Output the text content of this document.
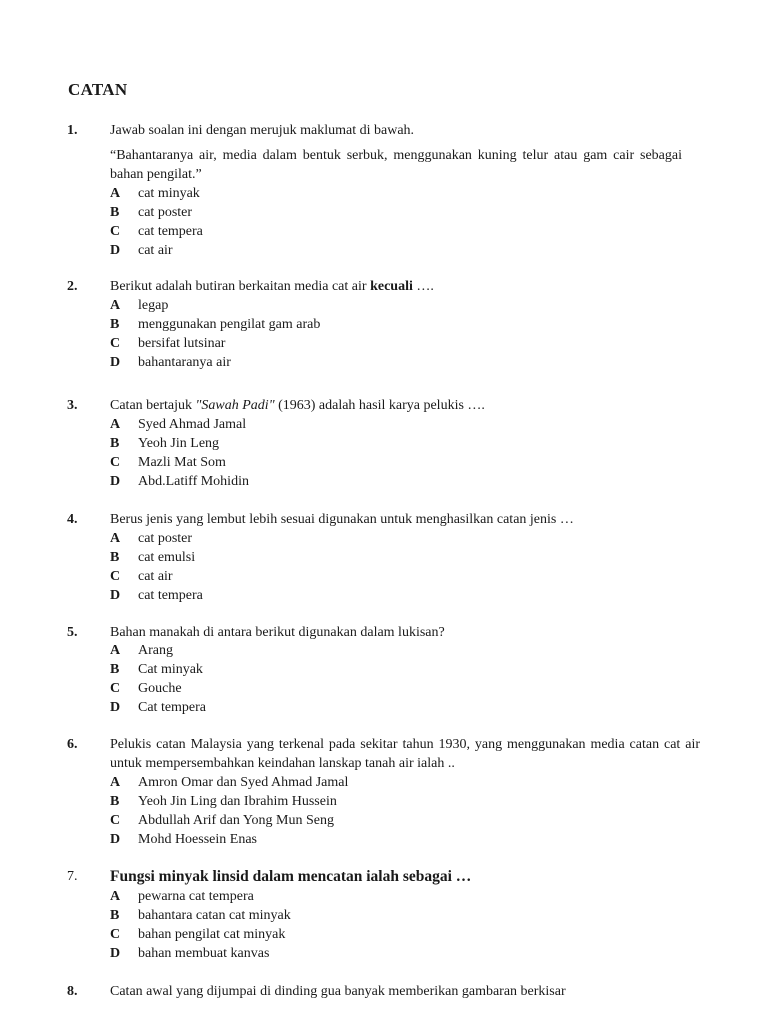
CATAN
1. Jawab soalan ini dengan merujuk maklumat di bawah.
“Bahantaranya air, media dalam bentuk serbuk, menggunakan kuning telur atau gam cair sebagai bahan pengilat.”
A cat minyak
B cat poster
C cat tempera
D cat air
2. Berikut adalah butiran berkaitan media cat air kecuali ….
A legap
B menggunakan pengilat gam arab
C bersifat lutsinar
D bahantaranya air
3. Catan bertajuk "Sawah Padi" (1963) adalah hasil karya pelukis ….
A Syed Ahmad Jamal
B Yeoh Jin Leng
C Mazli Mat Som
D Abd.Latiff Mohidin
4. Berus jenis yang lembut lebih sesuai digunakan untuk menghasilkan catan jenis …
A cat poster
B cat emulsi
C cat air
D cat tempera
5. Bahan manakah di antara berikut digunakan dalam lukisan?
A Arang
B Cat minyak
C Gouche
D Cat tempera
6. Pelukis catan Malaysia yang terkenal pada sekitar tahun 1930, yang menggunakan media catan cat air untuk mempersembahkan keindahan lanskap tanah air ialah ..
A Amron Omar dan Syed Ahmad Jamal
B Yeoh Jin Ling dan Ibrahim Hussein
C Abdullah Arif dan Yong Mun Seng
D Mohd Hoessein Enas
7. Fungsi minyak linsid dalam mencatan ialah sebagai …
A pewarna cat tempera
B bahantara catan cat minyak
C bahan pengilat cat minyak
D bahan membuat kanvas
8. Catan awal yang dijumpai di dinding gua banyak memberikan gambaran berkisar
